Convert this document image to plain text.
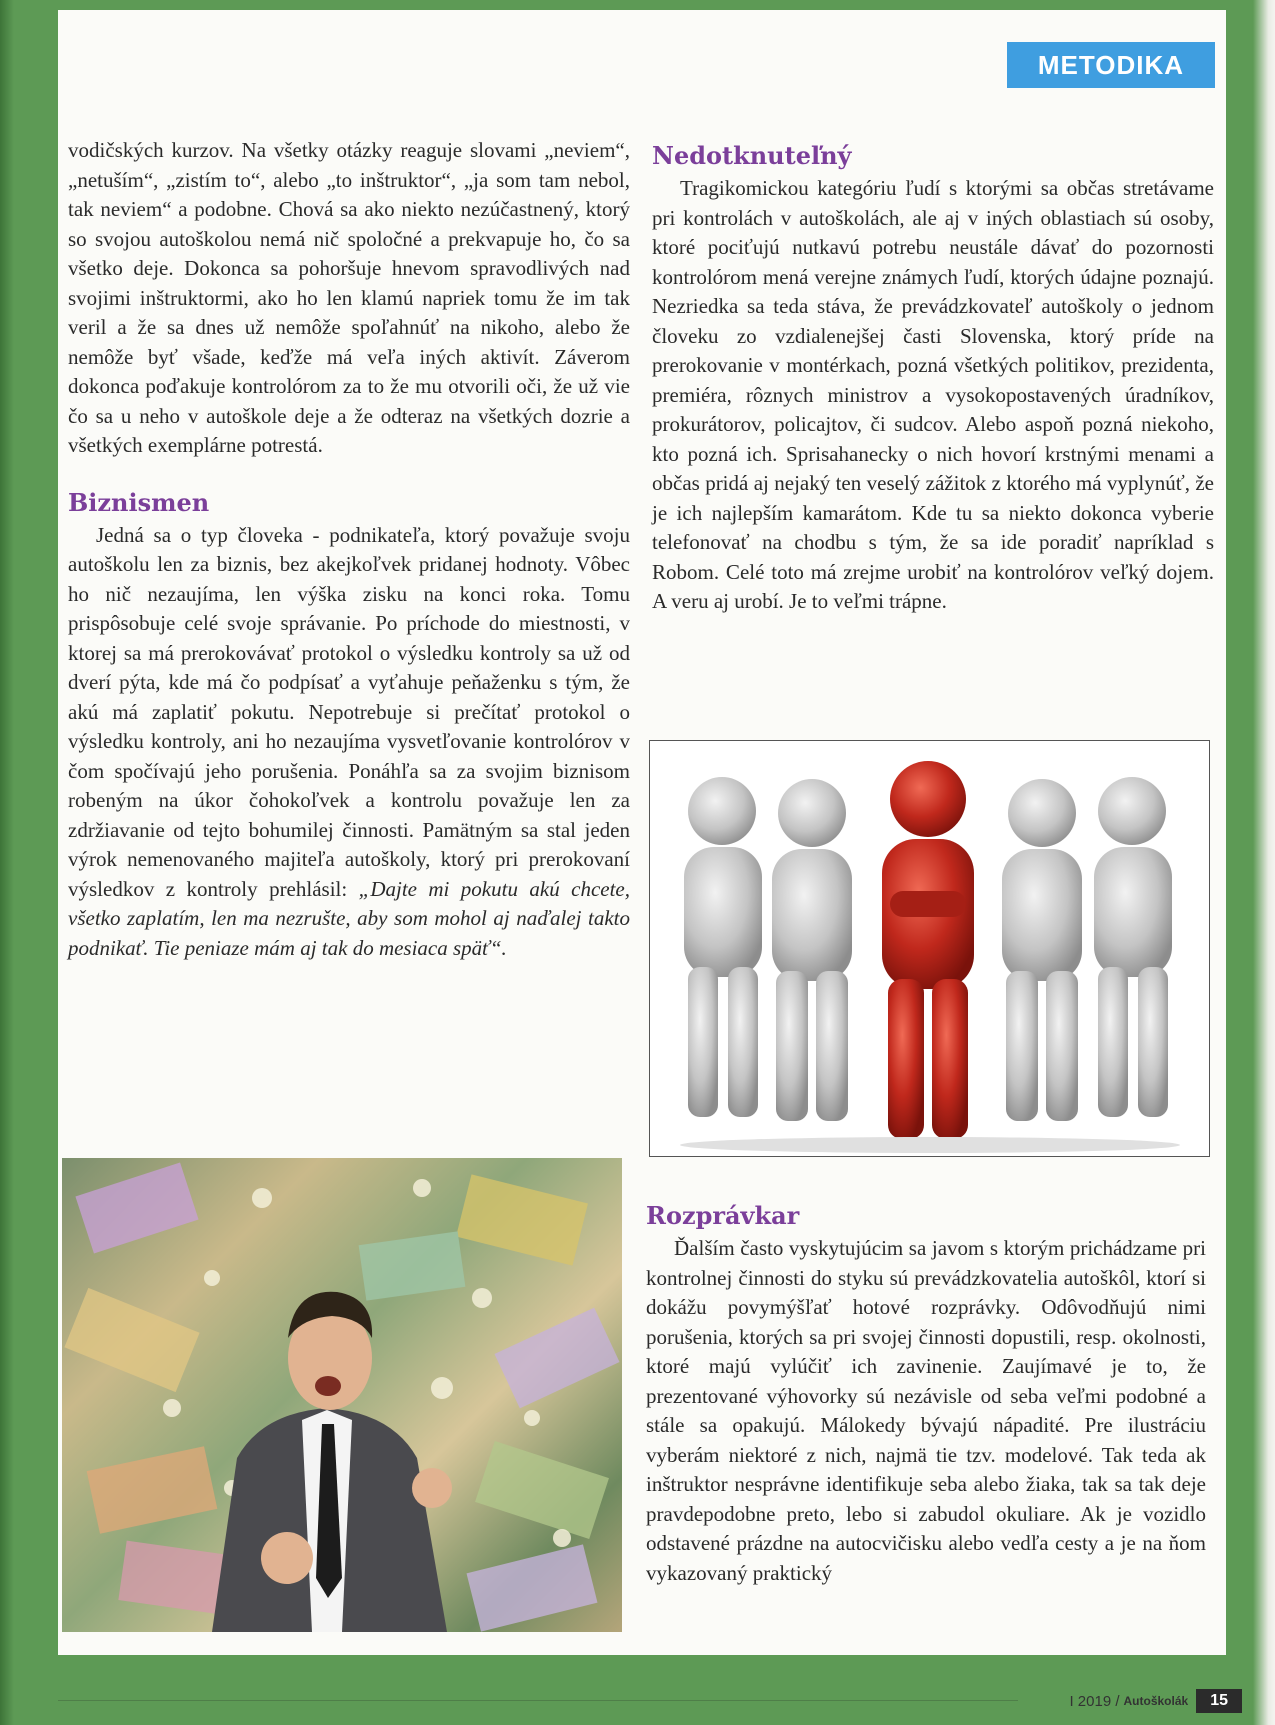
METODIKA

vodičských kurzov. Na všetky otázky reaguje slovami „neviem“, „netuším“, „zistím to“, alebo „to inštruktor“, „ja som tam nebol, tak neviem“ a podobne. Chová sa ako niekto nezúčastnený, ktorý so svojou autoškolou nemá nič spoločné a prekvapuje ho, čo sa všetko deje. Dokonca sa pohoršuje hnevom spravodlivých nad svojimi inštruktormi, ako ho len klamú napriek tomu že im tak veril a že sa dnes už nemôže spoľahnúť na nikoho, alebo že nemôže byť všade, keďže má veľa iných aktivít. Záverom dokonca poďakuje kontrolórom za to že mu otvorili oči, že už vie čo sa u neho v autoškole deje a že odteraz na všetkých dozrie a všetkých exemplárne potrestá.

Biznismen

Jedná sa o typ človeka - podnikateľa, ktorý považuje svoju autoškolu len za biznis, bez akejkoľvek pridanej hodnoty. Vôbec ho nič nezaujíma, len výška zisku na konci roka. Tomu prispôsobuje celé svoje správanie. Po príchode do miestnosti, v ktorej sa má prerokovávať protokol o výsledku kontroly sa už od dverí pýta, kde má čo podpísať a vyťahuje peňaženku s tým, že akú má zaplatiť pokutu. Nepotrebuje si prečítať protokol o výsledku kontroly, ani ho nezaujíma vysvetľovanie kontrolórov v čom spočívajú jeho porušenia. Ponáhľa sa za svojim biznisom robeným na úkor čohokoľvek a kontrolu považuje len za zdržiavanie od tejto bohumilej činnosti. Pamätným sa stal jeden výrok nemenovaného majiteľa autoškoly, ktorý pri prerokovaní výsledkov z kontroly prehlásil: „Dajte mi pokutu akú chcete, všetko zaplatím, len ma nezrušte, aby som mohol aj naďalej takto podnikať. Tie peniaze mám aj tak do mesiaca späť“.

Nedotknuteľný

Tragikomickou kategóriu ľudí s ktorými sa občas stretávame pri kontrolách v autoškolách, ale aj v iných oblastiach sú osoby, ktoré pociťujú nutkavú potrebu neustále dávať do pozornosti kontrolórom mená verejne známych ľudí, ktorých údajne poznajú. Nezriedka sa teda stáva, že prevádzkovateľ autoškoly o jednom človeku zo vzdialenejšej časti Slovenska, ktorý príde na prerokovanie v montérkach, pozná všetkých politikov, prezidenta, premiéra, rôznych ministrov a vysokopostavených úradníkov, prokurátorov, policajtov, či sudcov. Alebo aspoň pozná niekoho, kto pozná ich. Sprisahanecky o nich hovorí krstnými menami a občas pridá aj nejaký ten veselý zážitok z ktorého má vyplynúť, že je ich najlepším kamarátom. Kde tu sa niekto dokonca vyberie telefonovať na chodbu s tým, že sa ide poradiť napríklad s Robom. Celé toto má zrejme urobiť na kontrolórov veľký dojem. A veru aj urobí. Je to veľmi trápne.

Rozprávkar

Ďalším často vyskytujúcim sa javom s ktorým prichádzame pri kontrolnej činnosti do styku sú prevádzkovatelia autoškôl, ktorí si dokážu povymýšľať hotové rozprávky. Odôvodňujú nimi porušenia, ktorých sa pri svojej činnosti dopustili, resp. okolnosti, ktoré majú vylúčiť ich zavinenie. Zaujímavé je to, že prezentované výhovorky sú nezávisle od seba veľmi podobné a stále sa opakujú. Málokedy bývajú nápadité. Pre ilustráciu vyberám niektoré z nich, najmä tie tzv. modelové. Tak teda ak inštruktor nesprávne identifikuje seba alebo žiaka, tak sa tak deje pravdepodobne preto, lebo si zabudol okuliare. Ak je vozidlo odstavené prázdne na autocvičisku alebo vedľa cesty a je na ňom vykazovaný praktický

I 2019 / Autoškolák	15
